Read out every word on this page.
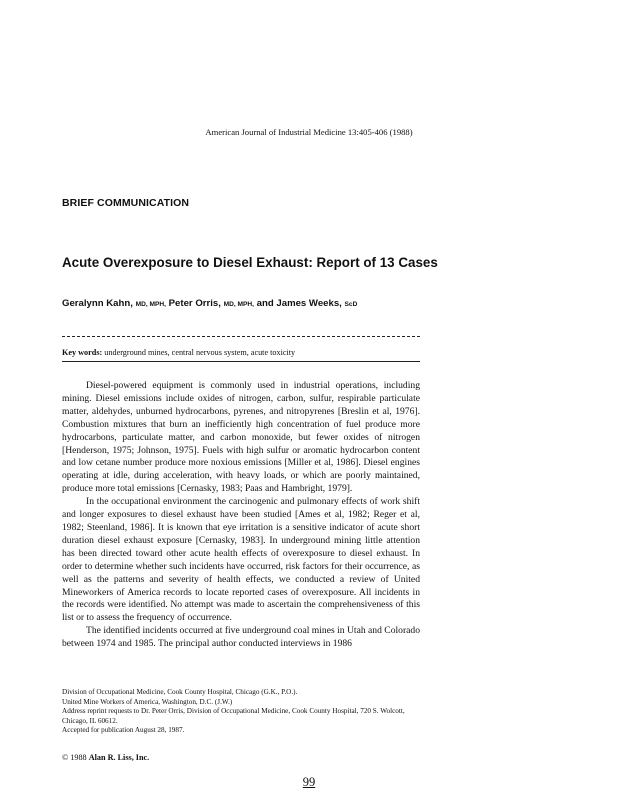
American Journal of Industrial Medicine 13:405-406 (1988)
BRIEF COMMUNICATION
Acute Overexposure to Diesel Exhaust: Report of 13 Cases
Geralynn Kahn, MD, MPH, Peter Orris, MD, MPH, and James Weeks, ScD
Key words: underground mines, central nervous system, acute toxicity

Diesel-powered equipment is commonly used in industrial operations, including mining. Diesel emissions include oxides of nitrogen, carbon, sulfur, respirable particulate matter, aldehydes, unburned hydrocarbons, pyrenes, and nitropyrenes [Breslin et al, 1976]. Combustion mixtures that burn an inefficiently high concentration of fuel produce more hydrocarbons, particulate matter, and carbon monoxide, but fewer oxides of nitrogen [Henderson, 1975; Johnson, 1975]. Fuels with high sulfur or aromatic hydrocarbon content and low cetane number produce more noxious emissions [Miller et al, 1986]. Diesel engines operating at idle, during acceleration, with heavy loads, or which are poorly maintained, produce more total emissions [Cernasky, 1983; Paas and Hambright, 1979].

In the occupational environment the carcinogenic and pulmonary effects of work shift and longer exposures to diesel exhaust have been studied [Ames et al, 1982; Reger et al, 1982; Steenland, 1986]. It is known that eye irritation is a sensitive indicator of acute short duration diesel exhaust exposure [Cernasky, 1983]. In underground mining little attention has been directed toward other acute health effects of overexposure to diesel exhaust. In order to determine whether such incidents have occurred, risk factors for their occurrence, as well as the patterns and severity of health effects, we conducted a review of United Mineworkers of America records to locate reported cases of overexposure. All incidents in the records were identified. No attempt was made to ascertain the comprehensiveness of this list or to assess the frequency of occurrence.

The identified incidents occurred at five underground coal mines in Utah and Colorado between 1974 and 1985. The principal author conducted interviews in 1986

Division of Occupational Medicine, Cook County Hospital, Chicago (G.K., P.O.).
United Mine Workers of America, Washington, D.C. (J.W.)
Address reprint requests to Dr. Peter Orris, Division of Occupational Medicine, Cook County Hospital, 720 S. Wolcott, Chicago, IL 60612.
Accepted for publication August 28, 1987.
© 1988 Alan R. Liss, Inc.
99
